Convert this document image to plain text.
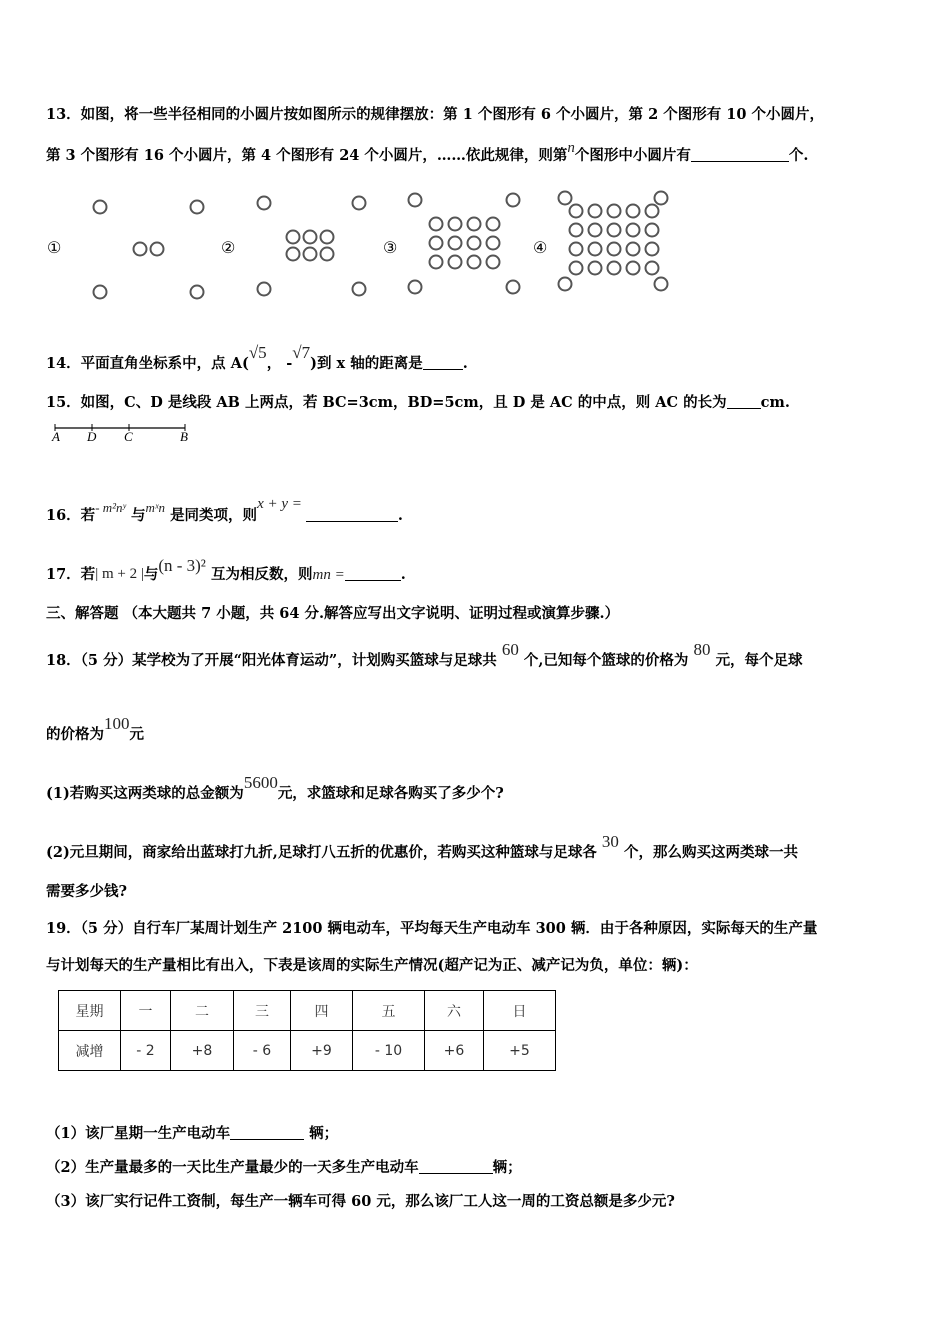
13．如图，将一些半径相同的小圆片按如图所示的规律摆放：第 1 个图形有 6 个小圆片，第 2 个图形有 10 个小圆片，
第 3 个图形有 16 个小圆片，第 4 个图形有 24 个小圆片，……依此规律，则第n个图形中小圆片有	个.
①	②	③	④
14．平面直角坐标系中，点 A(√5， -√7)到 x 轴的距离是	.
15．如图，C、D 是线段 AB 上两点，若 BC=3cm，BD=5cm，且 D 是 AC 的中点，则 AC 的长为 cm.
A D C	B
16．若- m²nʸ 与mˣn 是同类项，则x + y =.
17．若| m + 2 |与(n - 3)² 互为相反数，则mn =	.
三、解答题 （本大题共 7 小题，共 64 分.解答应写出文字说明、证明过程或演算步骤.）
18．（5 分）某学校为了开展“阳光体育运动”，计划购买篮球与足球共 60 个,已知每个篮球的价格为 80 元，每个足球
的价格为100元
(1)若购买这两类球的总金额为5600元，求篮球和足球各购买了多少个?
(2)元旦期间，商家给出蓝球打九折,足球打八五折的优惠价，若购买这种篮球与足球各 30 个，那么购买这两类球一共
需要多少钱?
19．（5 分）自行车厂某周计划生产 2100 辆电动车，平均每天生产电动车 300 辆．由于各种原因，实际每天的生产量
与计划每天的生产量相比有出入，下表是该周的实际生产情况(超产记为正、减产记为负，单位：辆)：
星期	一	二	三	四	五	六	日
减增	- 2	+8	- 6	+9	- 10	+6	+5
（1）该厂星期一生产电动车	辆；
（2）生产量最多的一天比生产量最少的一天多生产电动车	辆；
（3）该厂实行记件工资制，每生产一辆车可得 60 元，那么该厂工人这一周的工资总额是多少元?
